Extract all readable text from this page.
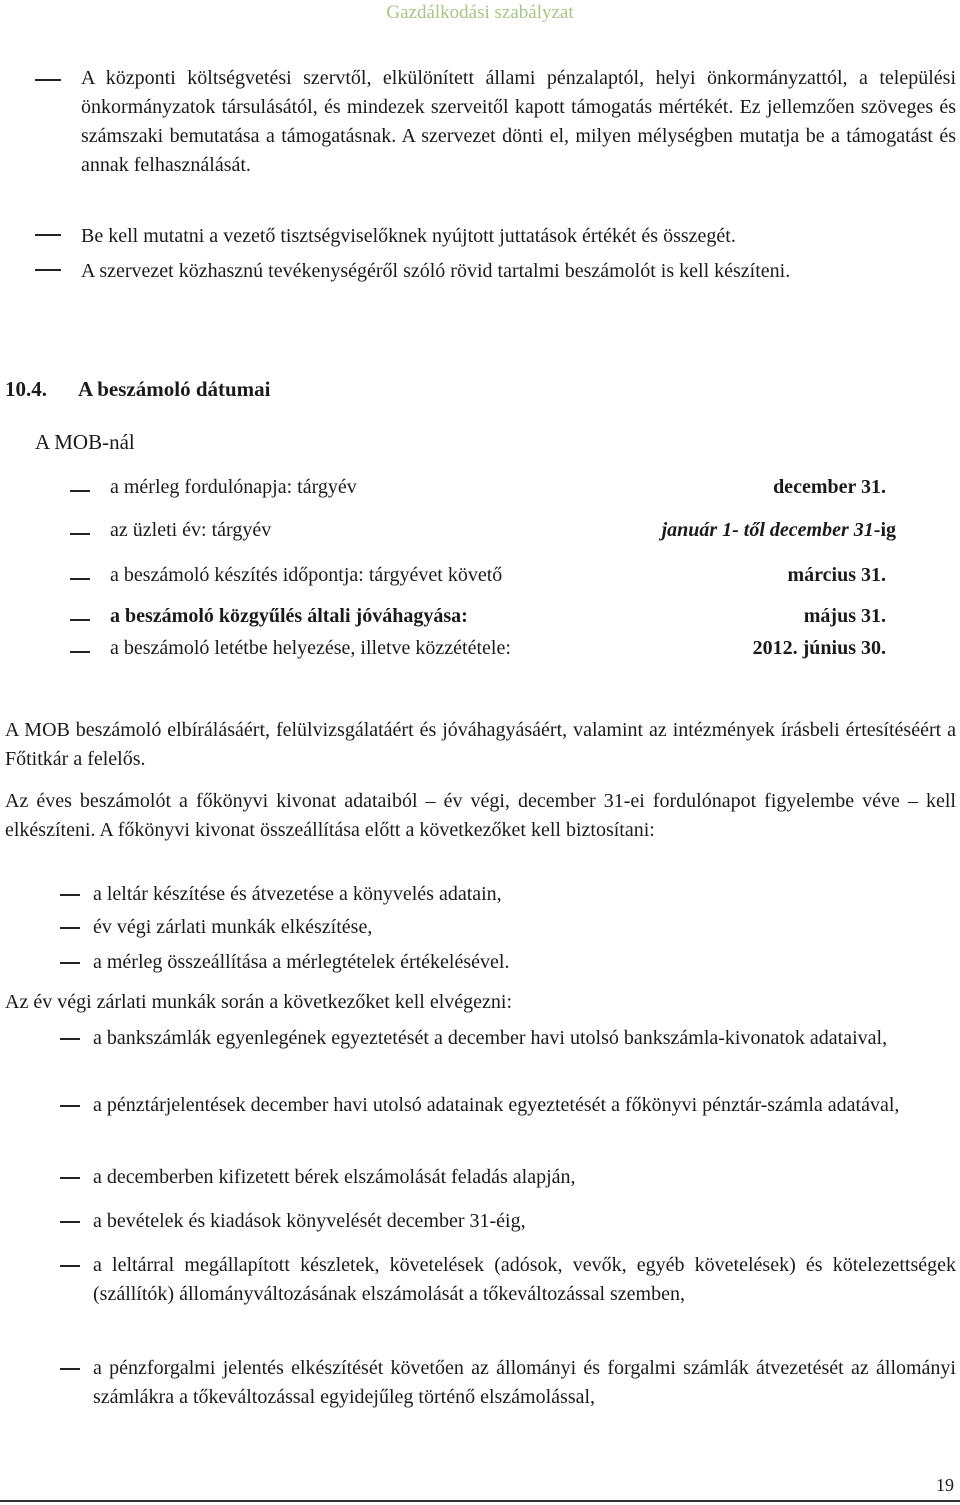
Gazdálkodási szabályzat
A központi költségvetési szervtől, elkülönített állami pénzalaptól, helyi önkormányzattól, a települési önkormányzatok társulásától, és mindezek szerveitől kapott támogatás mértékét. Ez jellemzően szöveges és számszaki bemutatása a támogatásnak. A szervezet dönti el, milyen mélységben mutatja be a támogatást és annak felhasználását.
Be kell mutatni a vezető tisztségviselőknek nyújtott juttatások értékét és összegét.
A szervezet közhasznú tevékenységéről szóló rövid tartalmi beszámolót is kell készíteni.
10.4. A beszámoló dátumai
A MOB-nál
a mérleg fordulónapja: tárgyév	december 31.
az üzleti év: tárgyév	január 1- től december 31-ig
a beszámoló készítés időpontja: tárgyévet követő	március 31.
a beszámoló közgyűlés általi jóváhagyása:	május 31.
a beszámoló letétbe helyezése, illetve közzététele:	2012. június 30.
A MOB beszámoló elbírálásáért, felülvizsgálatáért és jóváhagyásáért, valamint az intézmények írásbeli értesítéséért a Főtitkár a felelős.
Az éves beszámolót a főkönyvi kivonat adataiból – év végi, december 31-ei fordulónapot figyelembe véve – kell elkészíteni. A főkönyvi kivonat összeállítása előtt a következőket kell biztosítani:
a leltár készítése és átvezetése a könyvelés adatain,
év végi zárlati munkák elkészítése,
a mérleg összeállítása a mérlegtételek értékelésével.
Az év végi zárlati munkák során a következőket kell elvégezni:
a bankszámlák egyenlegének egyeztetését a december havi utolsó bankszámla-kivonatok adataival,
a pénztárjelentések december havi utolsó adatainak egyeztetését a főkönyvi pénztár-számla adatával,
a decemberben kifizetett bérek elszámolását feladás alapján,
a bevételek és kiadások könyvelését december 31-éig,
a leltárral megállapított készletek, követelések (adósok, vevők, egyéb követelések) és kötelezettségek (szállítók) állományváltozásának elszámolását a tőkeváltozással szemben,
a pénzforgalmi jelentés elkészítését követően az állományi és forgalmi számlák átvezetését az állományi számlákra a tőkeváltozással egyidejűleg történő elszámolással,
19
